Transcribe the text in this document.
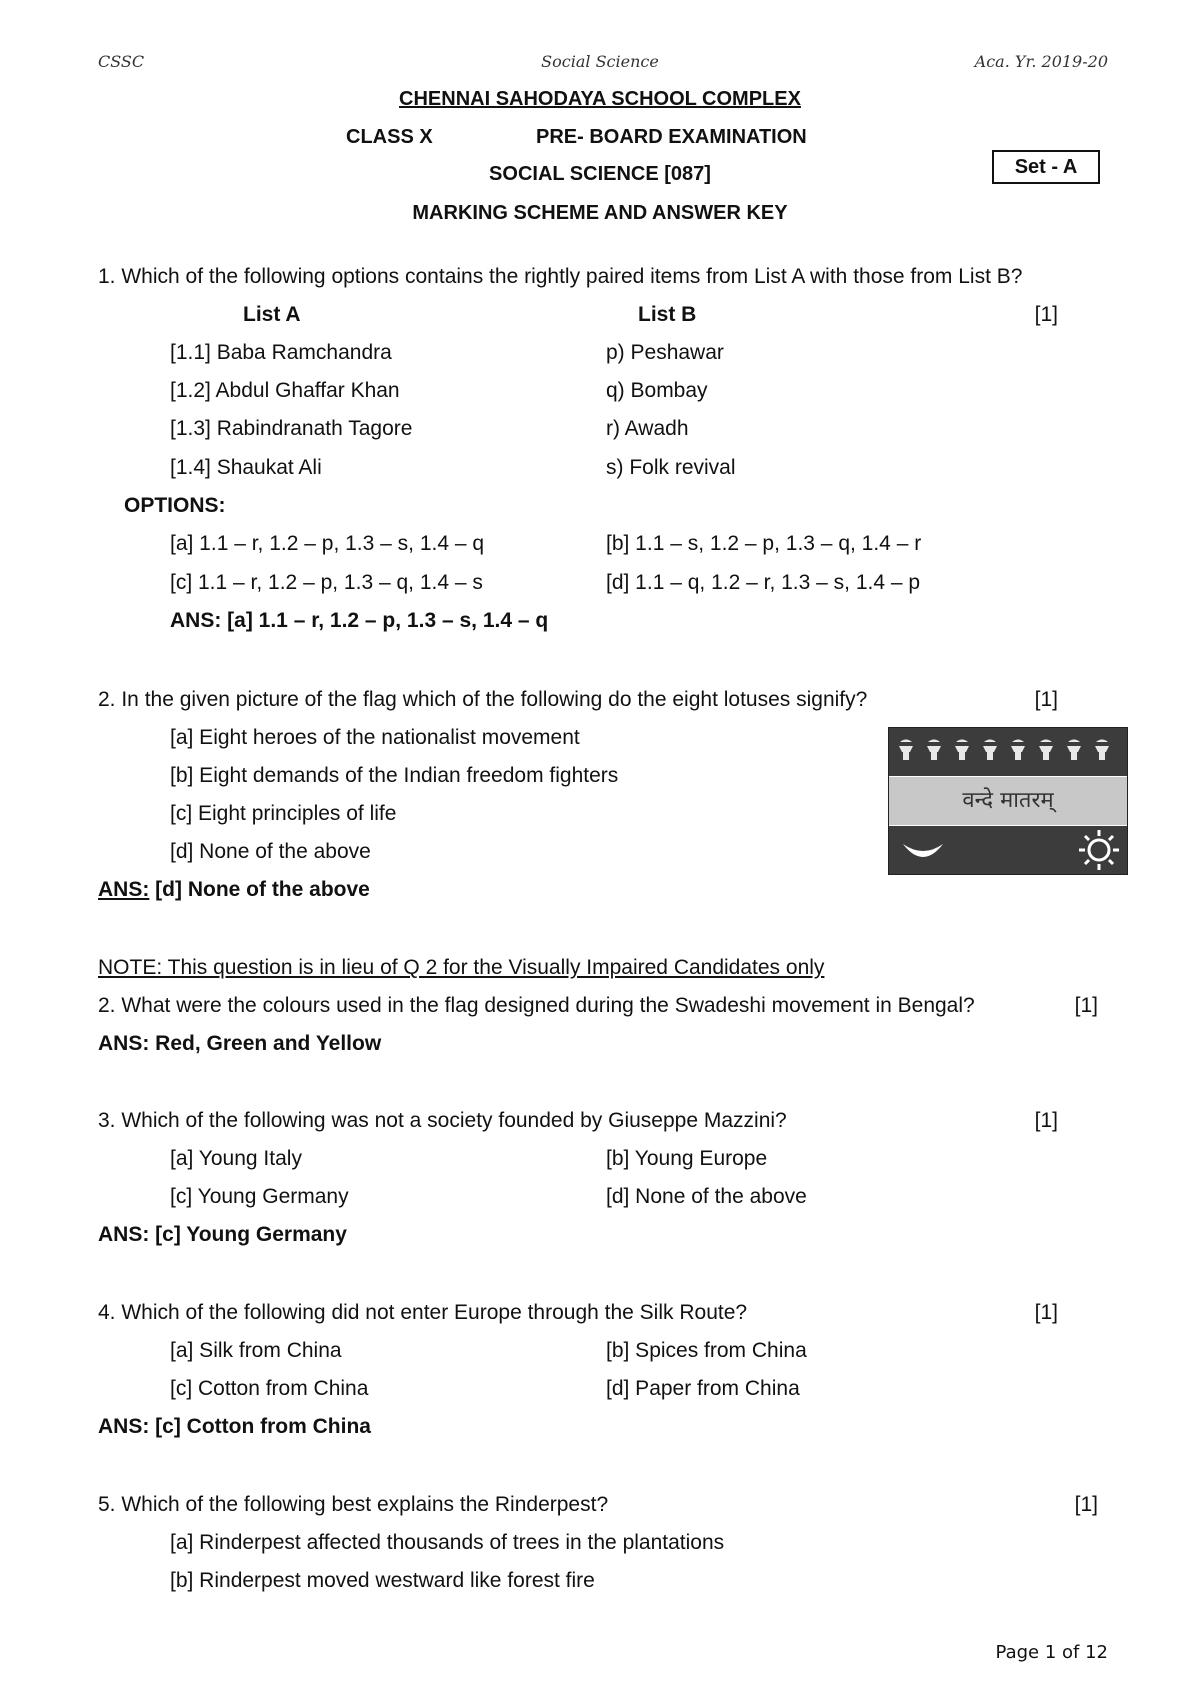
CSSC	Social Science	Aca. Yr. 2019-20
CHENNAI SAHODAYA SCHOOL COMPLEX
CLASS X	PRE- BOARD EXAMINATION
SOCIAL SCIENCE [087]	Set - A
MARKING SCHEME AND ANSWER KEY
1. Which of the following options contains the rightly paired items from List A with those from List B?
List A	List B	[1]
[1.1] Baba Ramchandra	p) Peshawar
[1.2] Abdul Ghaffar Khan	q) Bombay
[1.3] Rabindranath Tagore	r) Awadh
[1.4] Shaukat Ali	s) Folk revival
OPTIONS:
[a] 1.1 – r, 1.2 – p, 1.3 – s, 1.4 – q	[b] 1.1 – s, 1.2 – p, 1.3 – q, 1.4 – r
[c] 1.1 – r, 1.2 – p, 1.3 – q, 1.4 – s	[d] 1.1 – q, 1.2 – r, 1.3 – s, 1.4 – p
ANS: [a] 1.1 – r, 1.2 – p, 1.3 – s, 1.4 – q
2. In the given picture of the flag which of the following do the eight lotuses signify?	[1]
[a] Eight heroes of the nationalist movement
[b] Eight demands of the Indian freedom fighters
[c] Eight principles of life
[d] None of the above
ANS: [d] None of the above
वन्दे मातरम्
NOTE: This question is in lieu of Q 2 for the Visually Impaired Candidates only
2. What were the colours used in the flag designed during the Swadeshi movement in Bengal?	[1]
ANS: Red, Green and Yellow
3. Which of the following was not a society founded by Giuseppe Mazzini?	[1]
[a] Young Italy	[b] Young Europe
[c] Young Germany	[d] None of the above
ANS: [c] Young Germany
4. Which of the following did not enter Europe through the Silk Route?	[1]
[a] Silk from China	[b] Spices from China
[c] Cotton from China	[d] Paper from China
ANS: [c] Cotton from China
5. Which of the following best explains the Rinderpest?	[1]
[a] Rinderpest affected thousands of trees in the plantations
[b] Rinderpest moved westward like forest fire
Page 1 of 12
